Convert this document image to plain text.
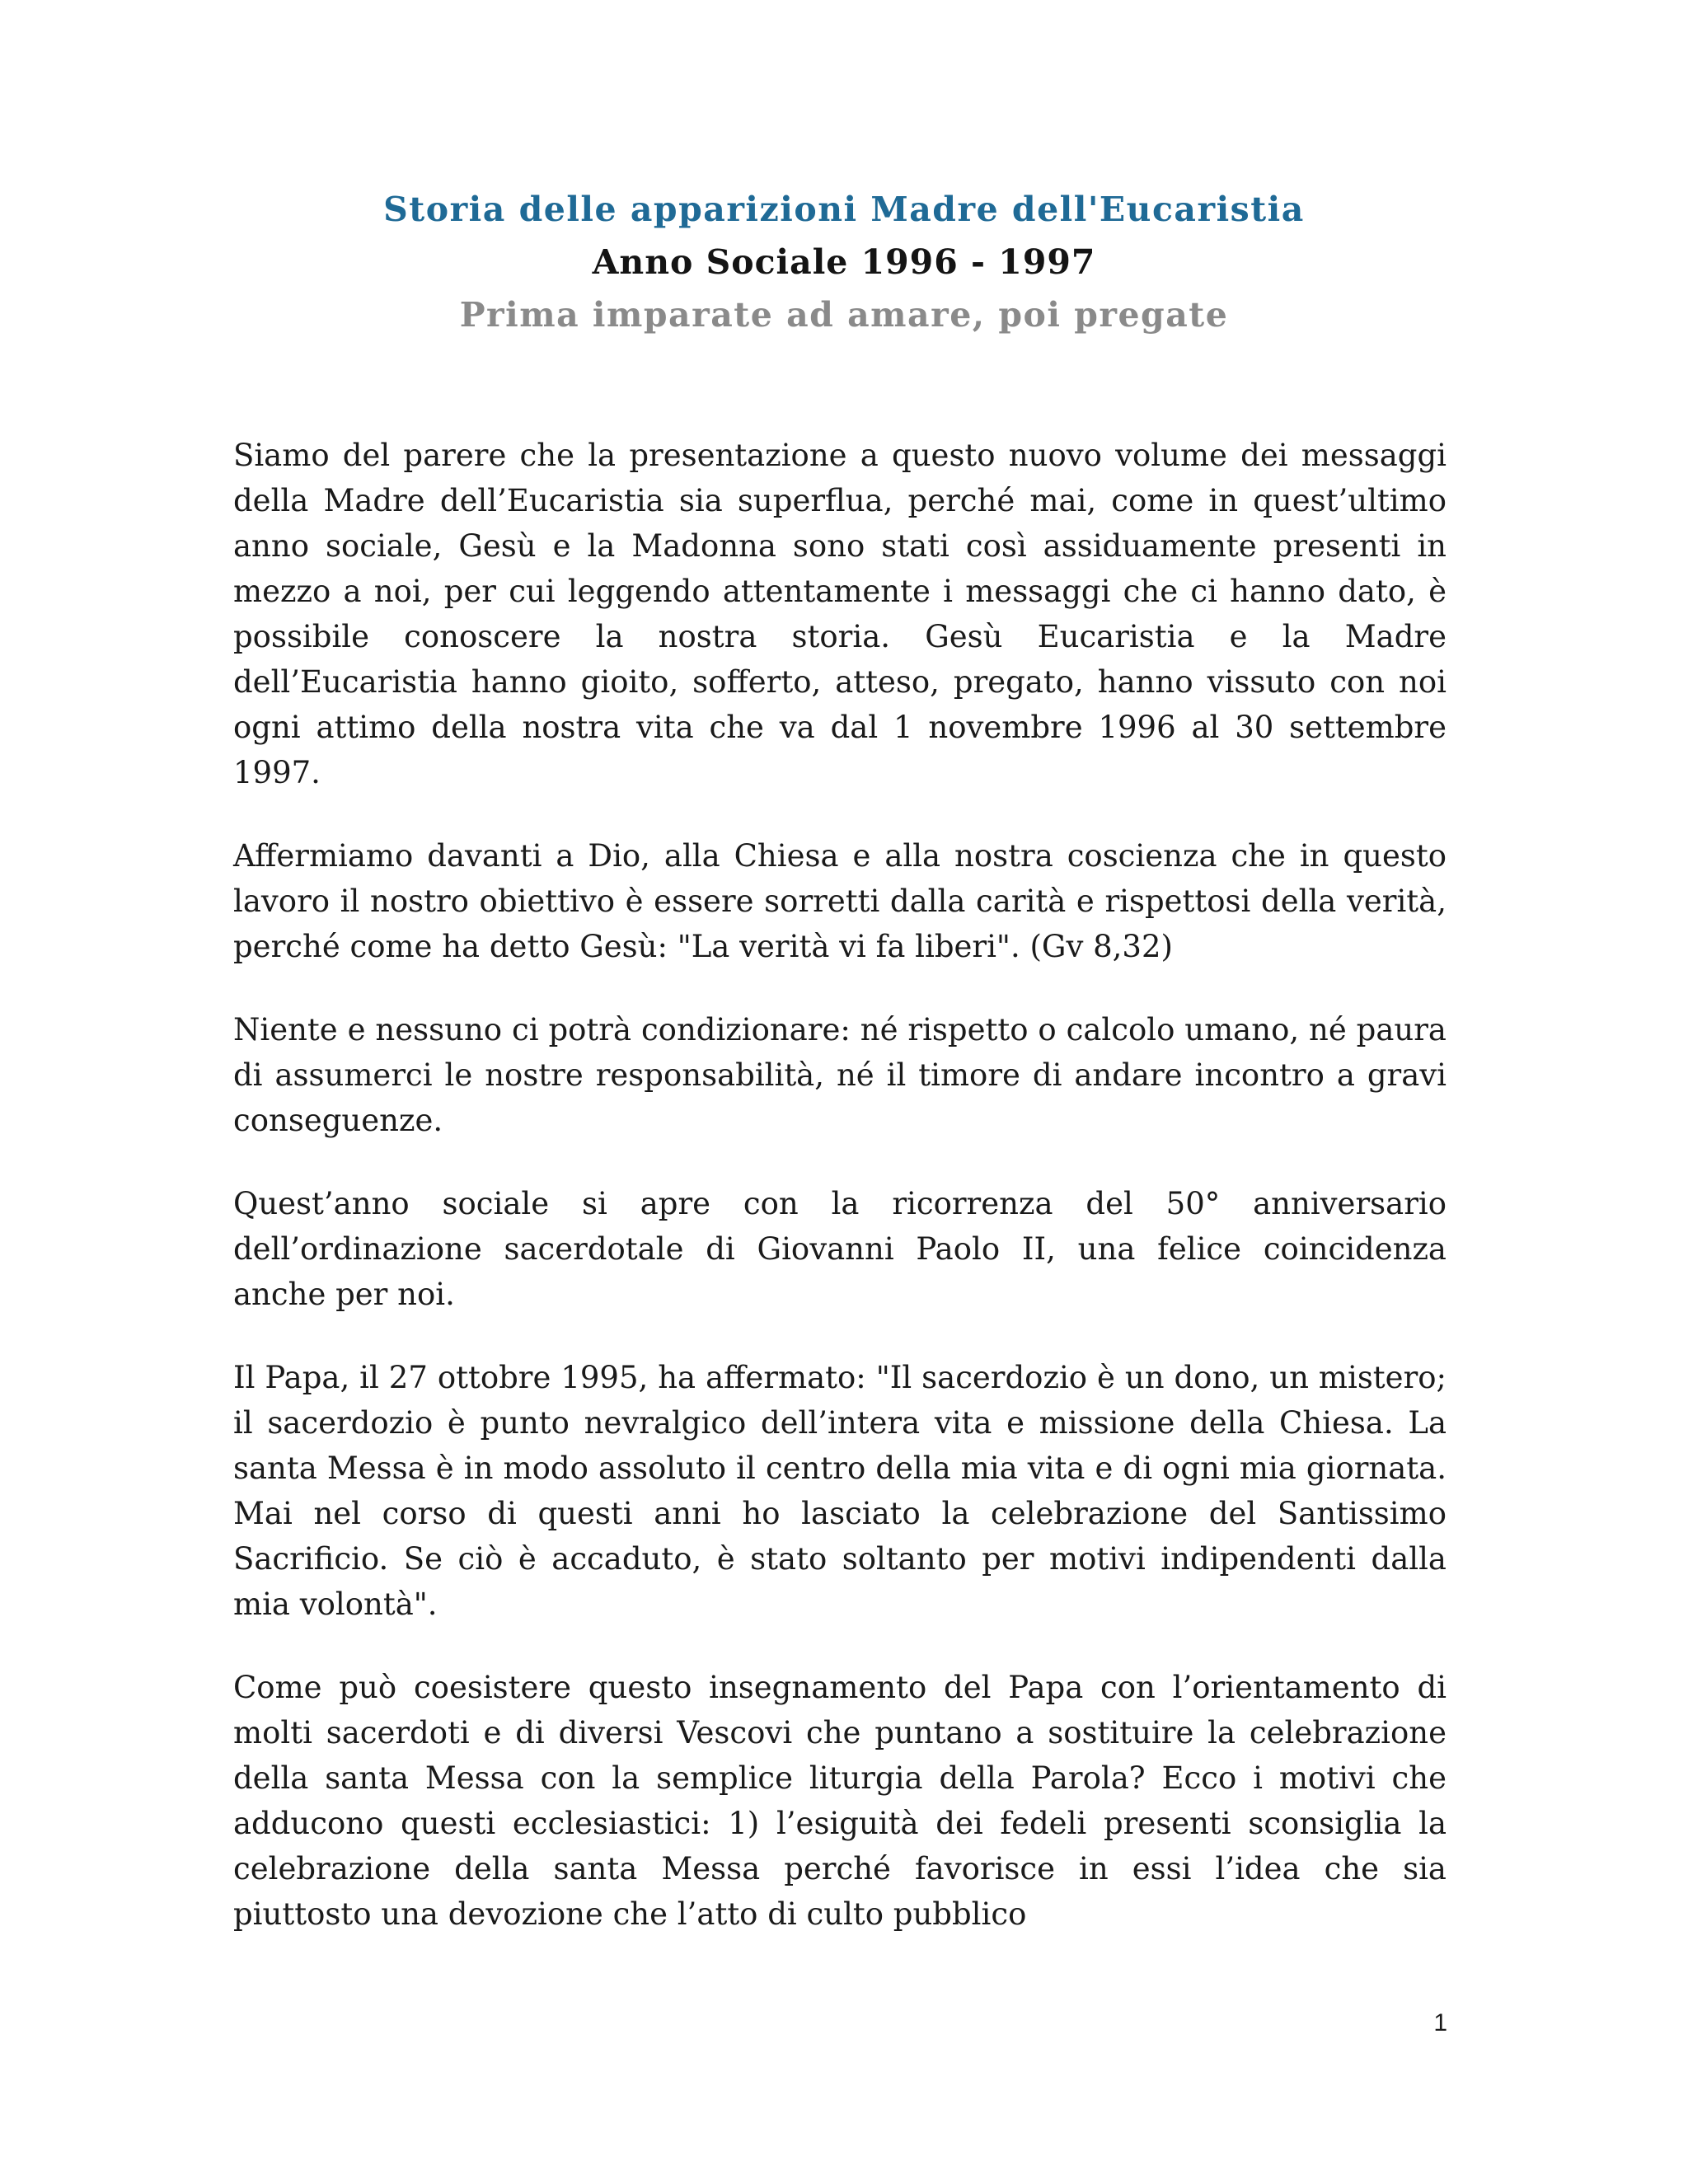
Storia delle apparizioni Madre dell'Eucaristia
Anno Sociale 1996 - 1997
Prima imparate ad amare, poi pregate

Siamo del parere che la presentazione a questo nuovo volume dei messaggi della Madre dell’Eucaristia sia superflua, perché mai, come in quest’ultimo anno sociale, Gesù e la Madonna sono stati così assiduamente presenti in mezzo a noi, per cui leggendo attentamente i messaggi che ci hanno dato, è possibile conoscere la nostra storia. Gesù Eucaristia e la Madre dell’Eucaristia hanno gioito, sofferto, atteso, pregato, hanno vissuto con noi ogni attimo della nostra vita che va dal 1 novembre 1996 al 30 settembre 1997.

Affermiamo davanti a Dio, alla Chiesa e alla nostra coscienza che in questo lavoro il nostro obiettivo è essere sorretti dalla carità e rispettosi della verità, perché come ha detto Gesù: "La verità vi fa liberi". (Gv 8,32)

Niente e nessuno ci potrà condizionare: né rispetto o calcolo umano, né paura di assumerci le nostre responsabilità, né il timore di andare incontro a gravi conseguenze.

Quest’anno sociale si apre con la ricorrenza del 50° anniversario dell’ordinazione sacerdotale di Giovanni Paolo II, una felice coincidenza anche per noi.

Il Papa, il 27 ottobre 1995, ha affermato: "Il sacerdozio è un dono, un mistero; il sacerdozio è punto nevralgico dell’intera vita e missione della Chiesa. La santa Messa è in modo assoluto il centro della mia vita e di ogni mia giornata. Mai nel corso di questi anni ho lasciato la celebrazione del Santissimo Sacrificio. Se ciò è accaduto, è stato soltanto per motivi indipendenti dalla mia volontà".

Come può coesistere questo insegnamento del Papa con l’orientamento di molti sacerdoti e di diversi Vescovi che puntano a sostituire la celebrazione della santa Messa con la semplice liturgia della Parola? Ecco i motivi che adducono questi ecclesiastici: 1) l’esiguità dei fedeli presenti sconsiglia la celebrazione della santa Messa perché favorisce in essi l’idea che sia piuttosto una devozione che l’atto di culto pubblico

1
